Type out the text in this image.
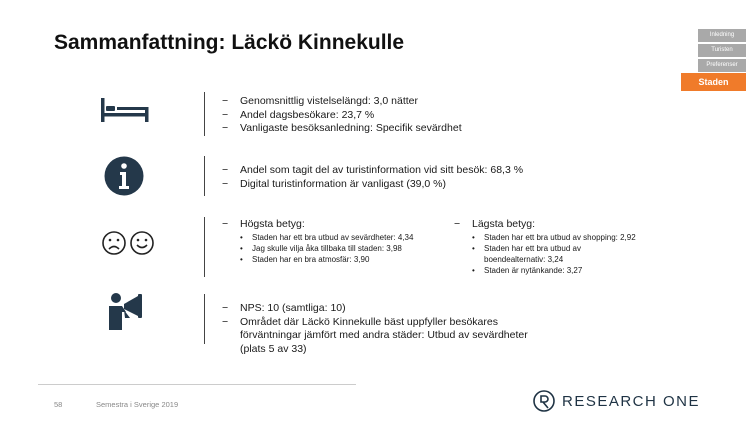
Sammanfattning: Läckö Kinnekulle	Inledning
Turisten
Preferenser
Staden
− Genomsnittlig vistelselängd: 3,0 nätter
− Andel dagsbesökare: 23,7 %
− Vanligaste besöksanledning: Specifik sevärdhet
− Andel som tagit del av turistinformation vid sitt besök: 68,3 %
− Digital turistinformation är vanligast (39,0 %)
− Högsta betyg:
• Staden har ett bra utbud av sevärdheter: 4,34
• Jag skulle vilja åka tillbaka till staden: 3,98
• Staden har en bra atmosfär: 3,90
− Lägsta betyg:
• Staden har ett bra utbud av shopping: 2,92
• Staden har ett bra utbud av boendealternativ: 3,24
• Staden är nytänkande: 3,27
− NPS: 10 (samtliga: 10)
−	Området där Läckö Kinnekulle bäst uppfyller besökares förväntningar jämfört med andra städer: Utbud av sevärdheter (plats 5 av 33)
58	Semestra i Sverige 2019	RESEARCH ONE
